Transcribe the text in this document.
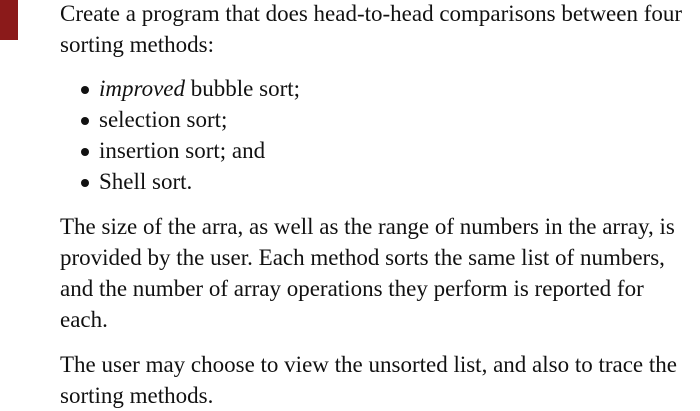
Create a program that does head-to-head comparisons between four sorting methods:

improved bubble sort;
selection sort;
insertion sort; and
Shell sort.

The size of the arra, as well as the range of numbers in the array, is provided by the user. Each method sorts the same list of numbers, and the number of array operations they perform is reported for each.

The user may choose to view the unsorted list, and also to trace the sorting methods.
